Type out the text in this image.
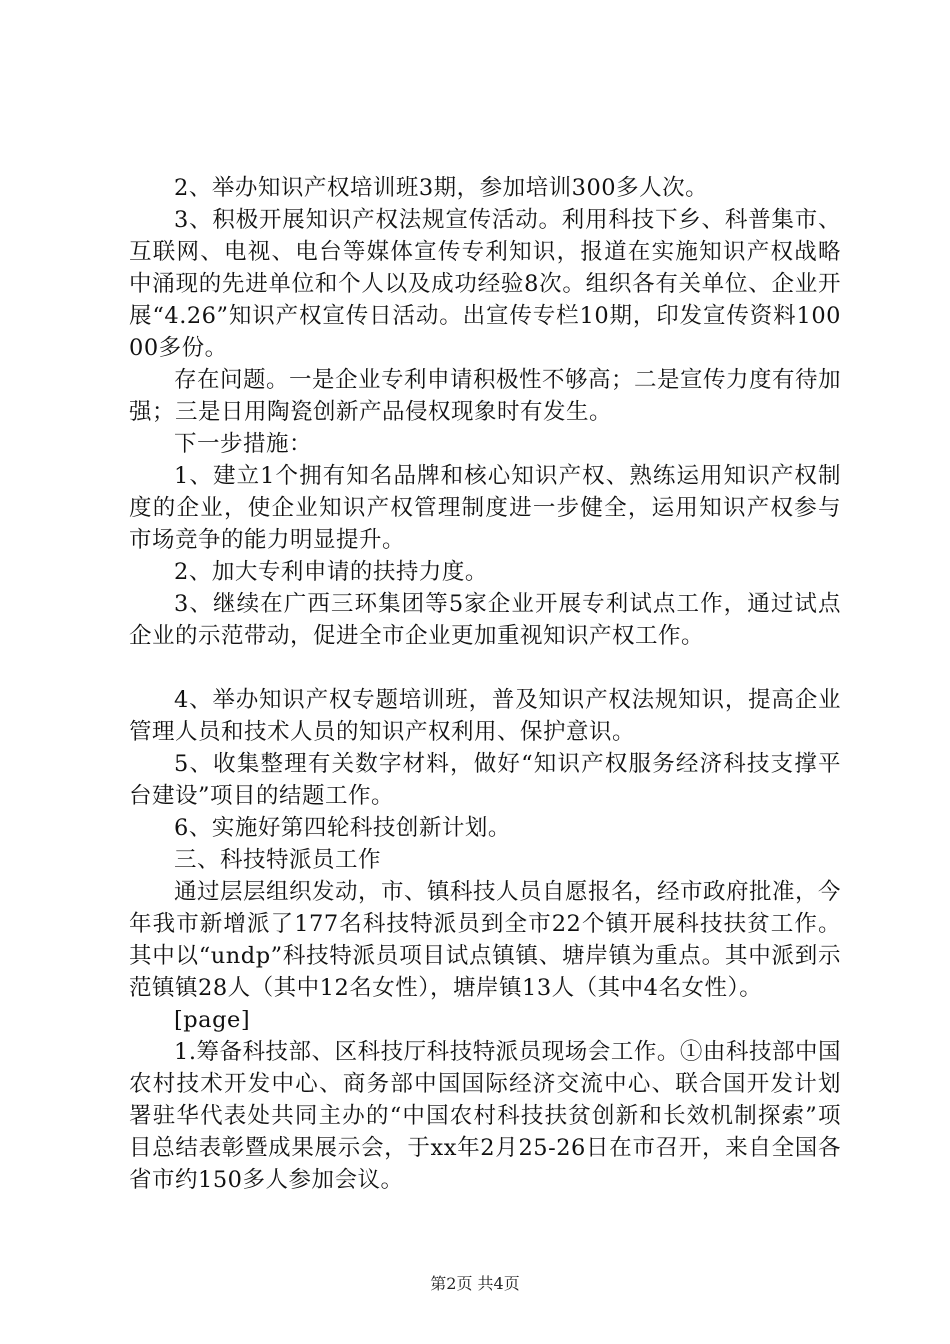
2、举办知识产权培训班3期，参加培训300多人次。

3、积极开展知识产权法规宣传活动。利用科技下乡、科普集市、互联网、电视、电台等媒体宣传专利知识，报道在实施知识产权战略中涌现的先进单位和个人以及成功经验8次。组织各有关单位、企业开展“4.26”知识产权宣传日活动。出宣传专栏10期，印发宣传资料10000多份。

存在问题。一是企业专利申请积极性不够高；二是宣传力度有待加强；三是日用陶瓷创新产品侵权现象时有发生。

下一步措施：

1、建立1个拥有知名品牌和核心知识产权、熟练运用知识产权制度的企业，使企业知识产权管理制度进一步健全，运用知识产权参与市场竞争的能力明显提升。

2、加大专利申请的扶持力度。

3、继续在广西三环集团等5家企业开展专利试点工作，通过试点企业的示范带动，促进全市企业更加重视知识产权工作。

4、举办知识产权专题培训班，普及知识产权法规知识，提高企业管理人员和技术人员的知识产权利用、保护意识。

5、收集整理有关数字材料，做好“知识产权服务经济科技支撑平台建设”项目的结题工作。

6、实施好第四轮科技创新计划。

三、科技特派员工作

通过层层组织发动，市、镇科技人员自愿报名，经市政府批准，今年我市新增派了177名科技特派员到全市22个镇开展科技扶贫工作。其中以“undp”科技特派员项目试点镇镇、塘岸镇为重点。其中派到示范镇镇28人（其中12名女性），塘岸镇13人（其中4名女性）。

[page]

1.筹备科技部、区科技厅科技特派员现场会工作。①由科技部中国农村技术开发中心、商务部中国国际经济交流中心、联合国开发计划署驻华代表处共同主办的“中国农村科技扶贫创新和长效机制探索”项目总结表彰暨成果展示会，于xx年2月25-26日在市召开，来自全国各省市约150多人参加会议。

第2页 共4页
